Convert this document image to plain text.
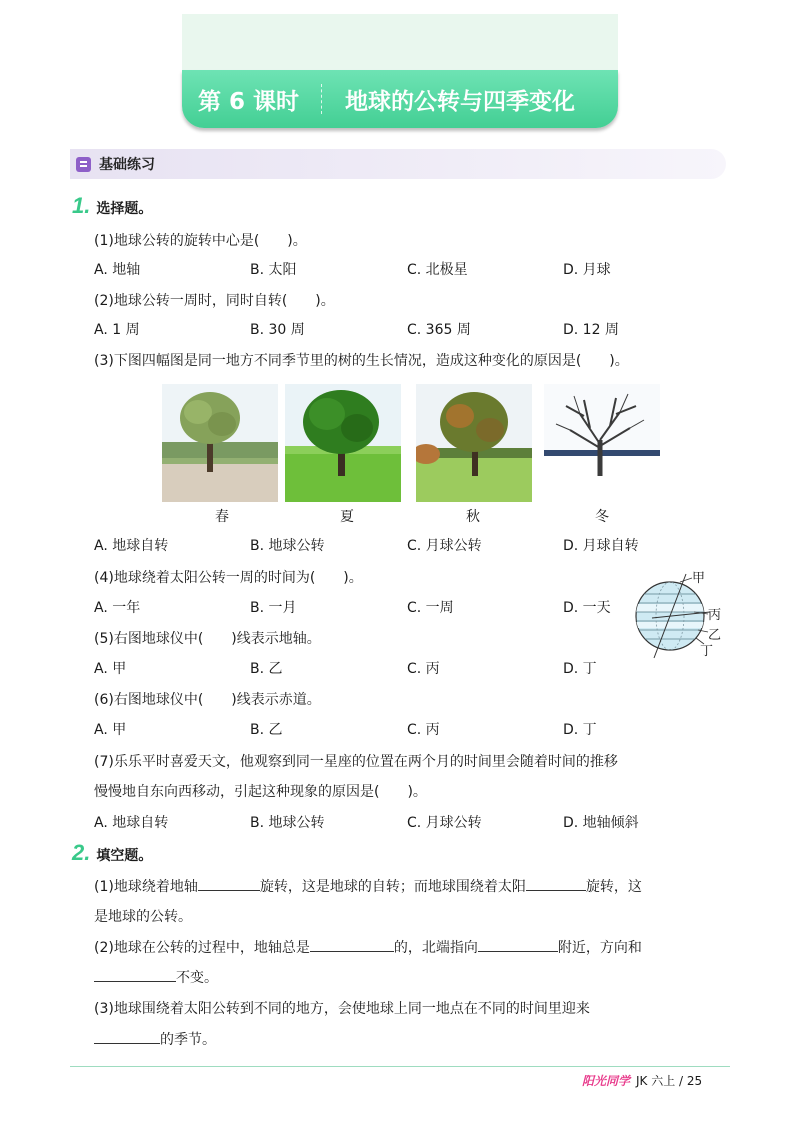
第 6 课时 地球的公转与四季变化
基础练习
1. 选择题。
(1)地球公转的旋转中心是(　　)。
A. 地轴	B. 太阳	C. 北极星	D. 月球
(2)地球公转一周时，同时自转(　　)。
A. 1 周	B. 30 周	C. 365 周	D. 12 周
(3)下图四幅图是同一地方不同季节里的树的生长情况，造成这种变化的原因是(　　)。
春	夏	秋	冬
A. 地球自转	B. 地球公转	C. 月球公转	D. 月球自转
(4)地球绕着太阳公转一周的时间为(　　)。
A. 一年	B. 一月	C. 一周	D. 一天
甲
丙
乙
丁
(5)右图地球仪中(　　)线表示地轴。
A. 甲	B. 乙	C. 丙	D. 丁
(6)右图地球仪中(　　)线表示赤道。
A. 甲	B. 乙	C. 丙	D. 丁
(7)乐乐平时喜爱天文，他观察到同一星座的位置在两个月的时间里会随着时间的推移
慢慢地自东向西移动，引起这种现象的原因是(　　)。
A. 地球自转	B. 地球公转	C. 月球公转	D. 地轴倾斜
2. 填空题。
(1)地球绕着地轴	旋转，这是地球的自转；而地球围绕着太阳	旋转，这
是地球的公转。
(2)地球在公转的过程中，地轴总是	的，北端指向	附近，方向和
不变。
(3)地球围绕着太阳公转到不同的地方，会使地球上同一地点在不同的时间里迎来
的季节。
阳光同学 JK 六上 / 25
